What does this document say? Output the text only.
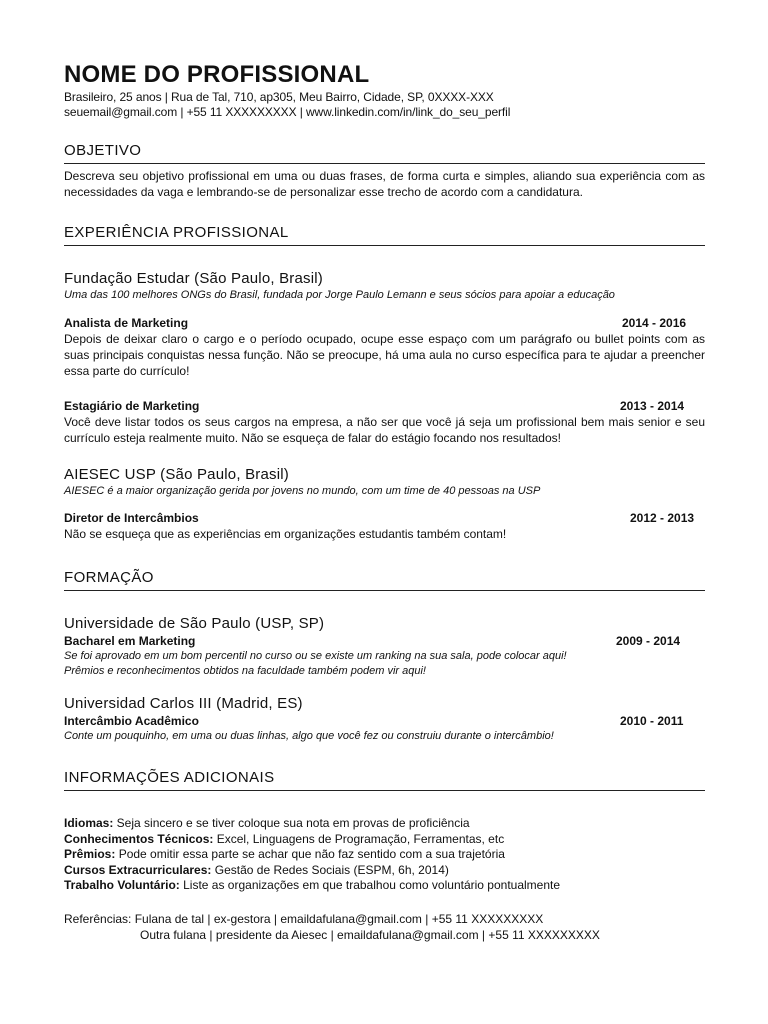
NOME DO PROFISSIONAL
Brasileiro, 25 anos | Rua de Tal, 710, ap305, Meu Bairro, Cidade, SP, 0XXXX-XXX
seuemail@gmail.com | +55 11 XXXXXXXXX | www.linkedin.com/in/link_do_seu_perfil
OBJETIVO
Descreva seu objetivo profissional em uma ou duas frases, de forma curta e simples, aliando sua experiência com as necessidades da vaga e lembrando-se de personalizar esse trecho de acordo com a candidatura.
EXPERIÊNCIA PROFISSIONAL
Fundação Estudar (São Paulo, Brasil)
Uma das 100 melhores ONGs do Brasil, fundada por Jorge Paulo Lemann e seus sócios para apoiar a educação
Analista de Marketing	2014 - 2016
Depois de deixar claro o cargo e o período ocupado, ocupe esse espaço com um parágrafo ou bullet points com as suas principais conquistas nessa função. Não se preocupe, há uma aula no curso específica para te ajudar a preencher essa parte do currículo!
Estagiário de Marketing	2013 - 2014
Você deve listar todos os seus cargos na empresa, a não ser que você já seja um profissional bem mais senior e seu currículo esteja realmente muito. Não se esqueça de falar do estágio focando nos resultados!
AIESEC USP (São Paulo, Brasil)
AIESEC é a maior organização gerida por jovens no mundo, com um time de 40 pessoas na USP
Diretor de Intercâmbios	2012 - 2013
Não se esqueça que as experiências em organizações estudantis também contam!
FORMAÇÃO
Universidade de São Paulo (USP, SP)
Bacharel em Marketing	2009 - 2014
Se foi aprovado em um bom percentil no curso ou se existe um ranking na sua sala, pode colocar aqui!
Prêmios e reconhecimentos obtidos na faculdade também podem vir aqui!
Universidad Carlos III (Madrid, ES)
Intercâmbio Acadêmico	2010 - 2011
Conte um pouquinho, em uma ou duas linhas, algo que você fez ou construiu durante o intercâmbio!
INFORMAÇÕES ADICIONAIS
Idiomas: Seja sincero e se tiver coloque sua nota em provas de proficiência
Conhecimentos Técnicos: Excel, Linguagens de Programação, Ferramentas, etc
Prêmios: Pode omitir essa parte se achar que não faz sentido com a sua trajetória
Cursos Extracurriculares: Gestão de Redes Sociais (ESPM, 6h, 2014)
Trabalho Voluntário: Liste as organizações em que trabalhou como voluntário pontualmente
Referências: Fulana de tal | ex-gestora | emaildafulana@gmail.com | +55 11 XXXXXXXXX
Outra fulana | presidente da Aiesec | emaildafulana@gmail.com | +55 11 XXXXXXXXX
